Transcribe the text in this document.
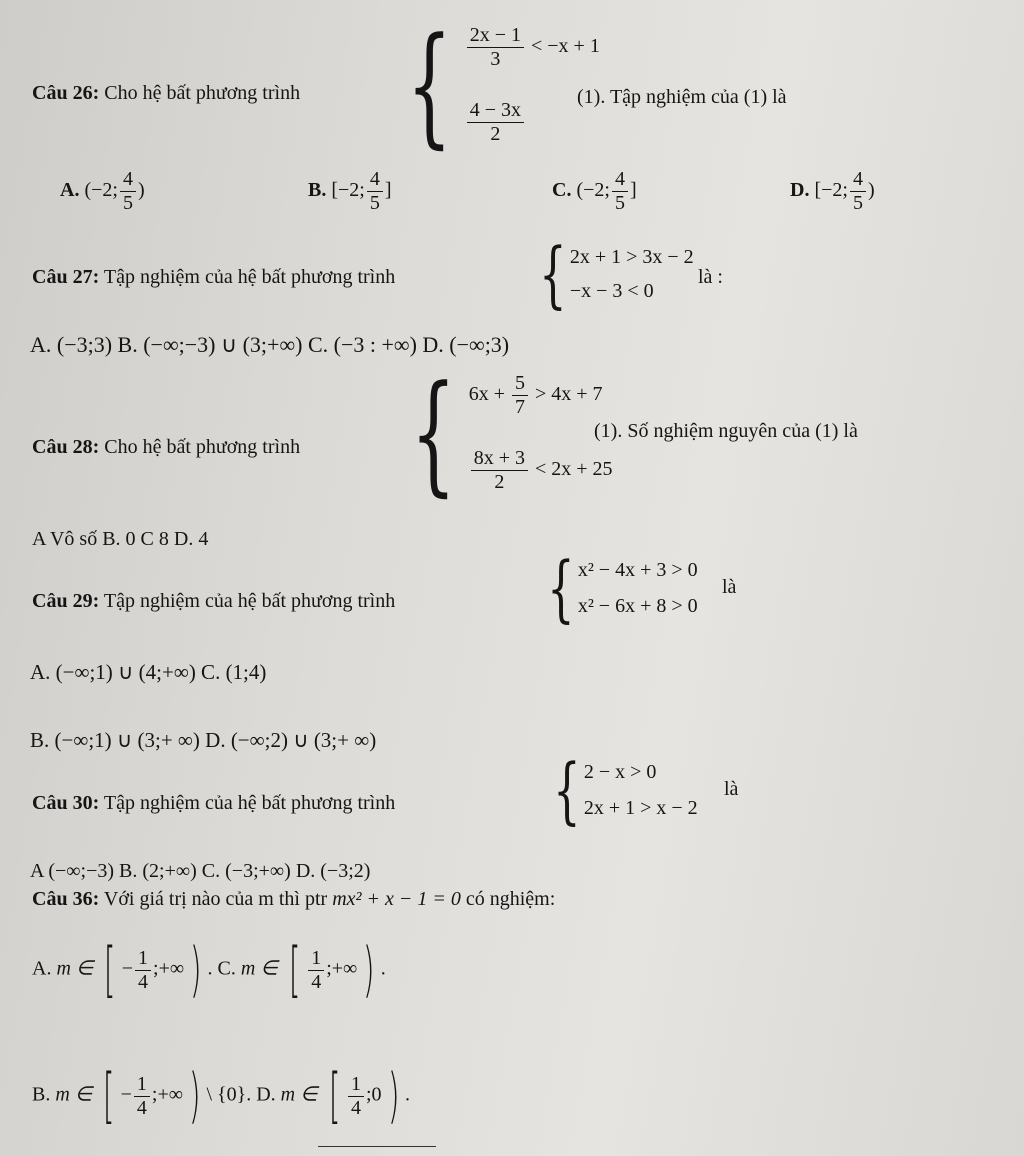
Câu 26: Cho hệ bất phương trình { $\frac{2x - 1}{3} < -x + 1$
$\frac{4 - 3x}{2}$
(1). Tập nghiệm của (1) là
A. (−2; $\frac{4}{5}$ )	B. [−2; $\frac{4}{5}$ ]	C. (−2; $\frac{4}{5}$ ]	D. [−2; $\frac{4}{5}$ )
Câu 27: Tập nghiệm của hệ bất phương trình { 2x + 1 > 3x − 2
−x − 3 < 0
là :
A. (−3;3) B. (−∞;−3) ∪ (3;+∞) C. (−3 : +∞) D. (−∞;3)
Câu 28: Cho hệ bất phương trình { $6x + \frac{5}{7} > 4x + 7$
$\frac{8x + 3}{2} < 2x + 25$
(1). Số nghiệm nguyên của (1) là
A Vô số B. 0 C 8 D. 4
Câu 29: Tập nghiệm của hệ bất phương trình { x² − 4x + 3 > 0
x² − 6x + 8 > 0
là
A. (−∞;1) ∪ (4;+∞) C. (1;4)
B. (−∞;1) ∪ (3;+ ∞) D. (−∞;2) ∪ (3;+ ∞)
Câu 30: Tập nghiệm của hệ bất phương trình { 2 − x > 0
2x + 1 > x − 2
là
A (−∞;−3) B. (2;+∞) C. (−3;+∞) D. (−3;2)
Câu 36: Với giá trị nào của m thì ptr mx² + x − 1 = 0 có nghiệm:
A. m ∈ [ − $\frac{1}{4}$ ;+∞) . C. m ∈ [ $\frac{1}{4}$ ;+∞) .
B. m ∈ [ − $\frac{1}{4}$ ;+∞) \ {0}. D. m ∈ [ $\frac{1}{4}$ ;0) .
